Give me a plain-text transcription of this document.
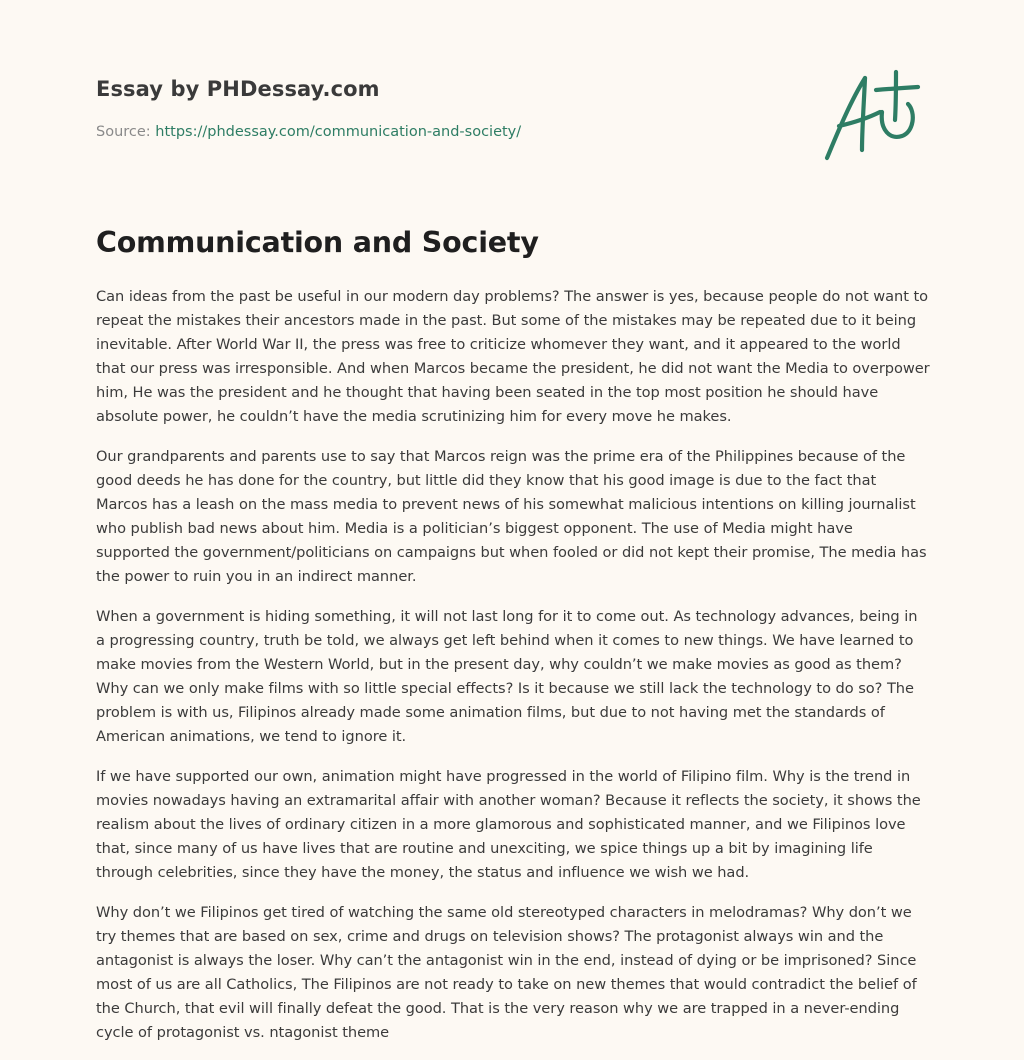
Essay by PHDessay.com
Source: https://phdessay.com/communication-and-society/
Communication and Society

Can ideas from the past be useful in our modern day problems? The answer is yes, because people do not want to repeat the mistakes their ancestors made in the past. But some of the mistakes may be repeated due to it being inevitable. After World War II, the press was free to criticize whomever they want, and it appeared to the world that our press was irresponsible. And when Marcos became the president, he did not want the Media to overpower him, He was the president and he thought that having been seated in the top most position he should have absolute power, he couldn’t have the media scrutinizing him for every move he makes.

Our grandparents and parents use to say that Marcos reign was the prime era of the Philippines because of the good deeds he has done for the country, but little did they know that his good image is due to the fact that Marcos has a leash on the mass media to prevent news of his somewhat malicious intentions on killing journalist who publish bad news about him. Media is a politician’s biggest opponent. The use of Media might have supported the government/politicians on campaigns but when fooled or did not kept their promise, The media has the power to ruin you in an indirect manner.

When a government is hiding something, it will not last long for it to come out. As technology advances, being in a progressing country, truth be told, we always get left behind when it comes to new things. We have learned to make movies from the Western World, but in the present day, why couldn’t we make movies as good as them? Why can we only make films with so little special effects? Is it because we still lack the technology to do so? The problem is with us, Filipinos already made some animation films, but due to not having met the standards of American animations, we tend to ignore it.

If we have supported our own, animation might have progressed in the world of Filipino film. Why is the trend in movies nowadays having an extramarital affair with another woman? Because it reflects the society, it shows the realism about the lives of ordinary citizen in a more glamorous and sophisticated manner, and we Filipinos love that, since many of us have lives that are routine and unexciting, we spice things up a bit by imagining life through celebrities, since they have the money, the status and influence we wish we had.

Why don’t we Filipinos get tired of watching the same old stereotyped characters in melodramas? Why don’t we try themes that are based on sex, crime and drugs on television shows? The protagonist always win and the antagonist is always the loser. Why can’t the antagonist win in the end, instead of dying or be imprisoned? Since most of us are all Catholics, The Filipinos are not ready to take on new themes that would contradict the belief of the Church, that evil will finally defeat the good. That is the very reason why we are trapped in a never-ending cycle of protagonist vs. ntagonist theme
